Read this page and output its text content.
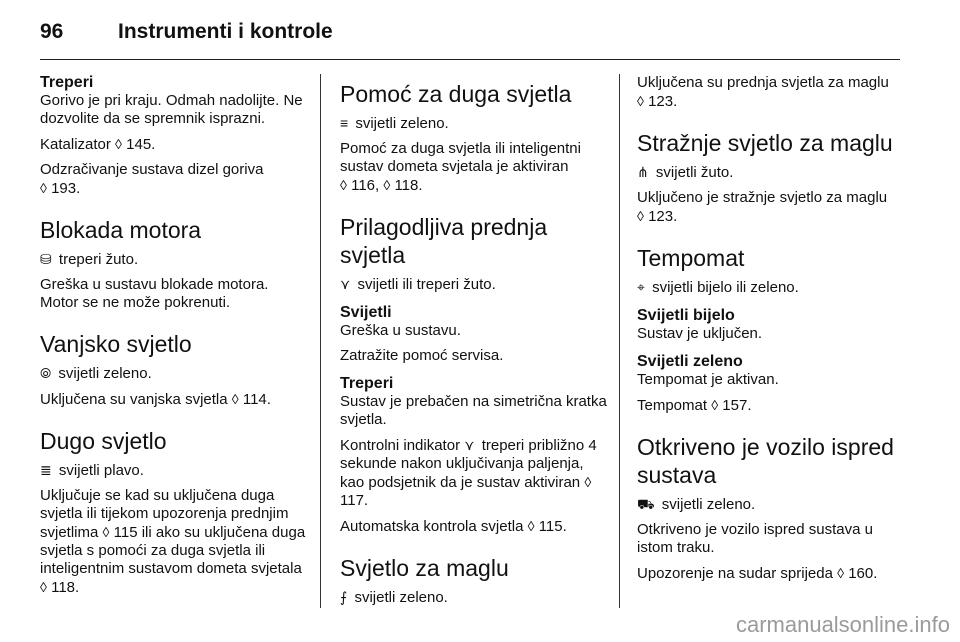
96	Instrumenti i kontrole

Treperi

Gorivo je pri kraju. Odmah nadolijte. Ne dozvolite da se spremnik isprazni.

Katalizator ◊ 145.

Odzračivanje sustava dizel goriva
◊ 193.

Blokada motora

⛁ treperi žuto.

Greška u sustavu blokade motora. Motor se ne može pokrenuti.

Vanjsko svjetlo

⦾ svijetli zeleno.

Uključena su vanjska svjetla ◊ 114.

Dugo svjetlo

≣ svijetli plavo.

Uključuje se kad su uključena duga svjetla ili tijekom upozorenja prednjim svjetlima ◊ 115 ili ako su uključena duga svjetla s pomoći za duga svjetla ili inteligentnim sustavom dometa svjetala ◊ 118.

Pomoć za duga svjetla

≡ svijetli zeleno.

Pomoć za duga svjetla ili inteligentni sustav dometa svjetala je aktiviran
◊ 116, ◊ 118.

Prilagodljiva prednja svjetla

⋎ svijetli ili treperi žuto.

Svijetli

Greška u sustavu.

Zatražite pomoć servisa.

Treperi

Sustav je prebačen na simetrična kratka svjetla.

Kontrolni indikator ⋎ treperi približno 4 sekunde nakon uključivanja paljenja, kao podsjetnik da je sustav aktiviran ◊ 117.

Automatska kontrola svjetla ◊ 115.

Svjetlo za maglu

⨍ svijetli zeleno.

Uključena su prednja svjetla za maglu
◊ 123.

Stražnje svjetlo za maglu

⋔ svijetli žuto.

Uključeno je stražnje svjetlo za maglu
◊ 123.

Tempomat

⌖ svijetli bijelo ili zeleno.

Svijetli bijelo

Sustav je uključen.

Svijetli zeleno

Tempomat je aktivan.

Tempomat ◊ 157.

Otkriveno je vozilo ispred sustava

⛟ svijetli zeleno.

Otkriveno je vozilo ispred sustava u istom traku.

Upozorenje na sudar sprijeda ◊ 160.

carmanualsonline.info
